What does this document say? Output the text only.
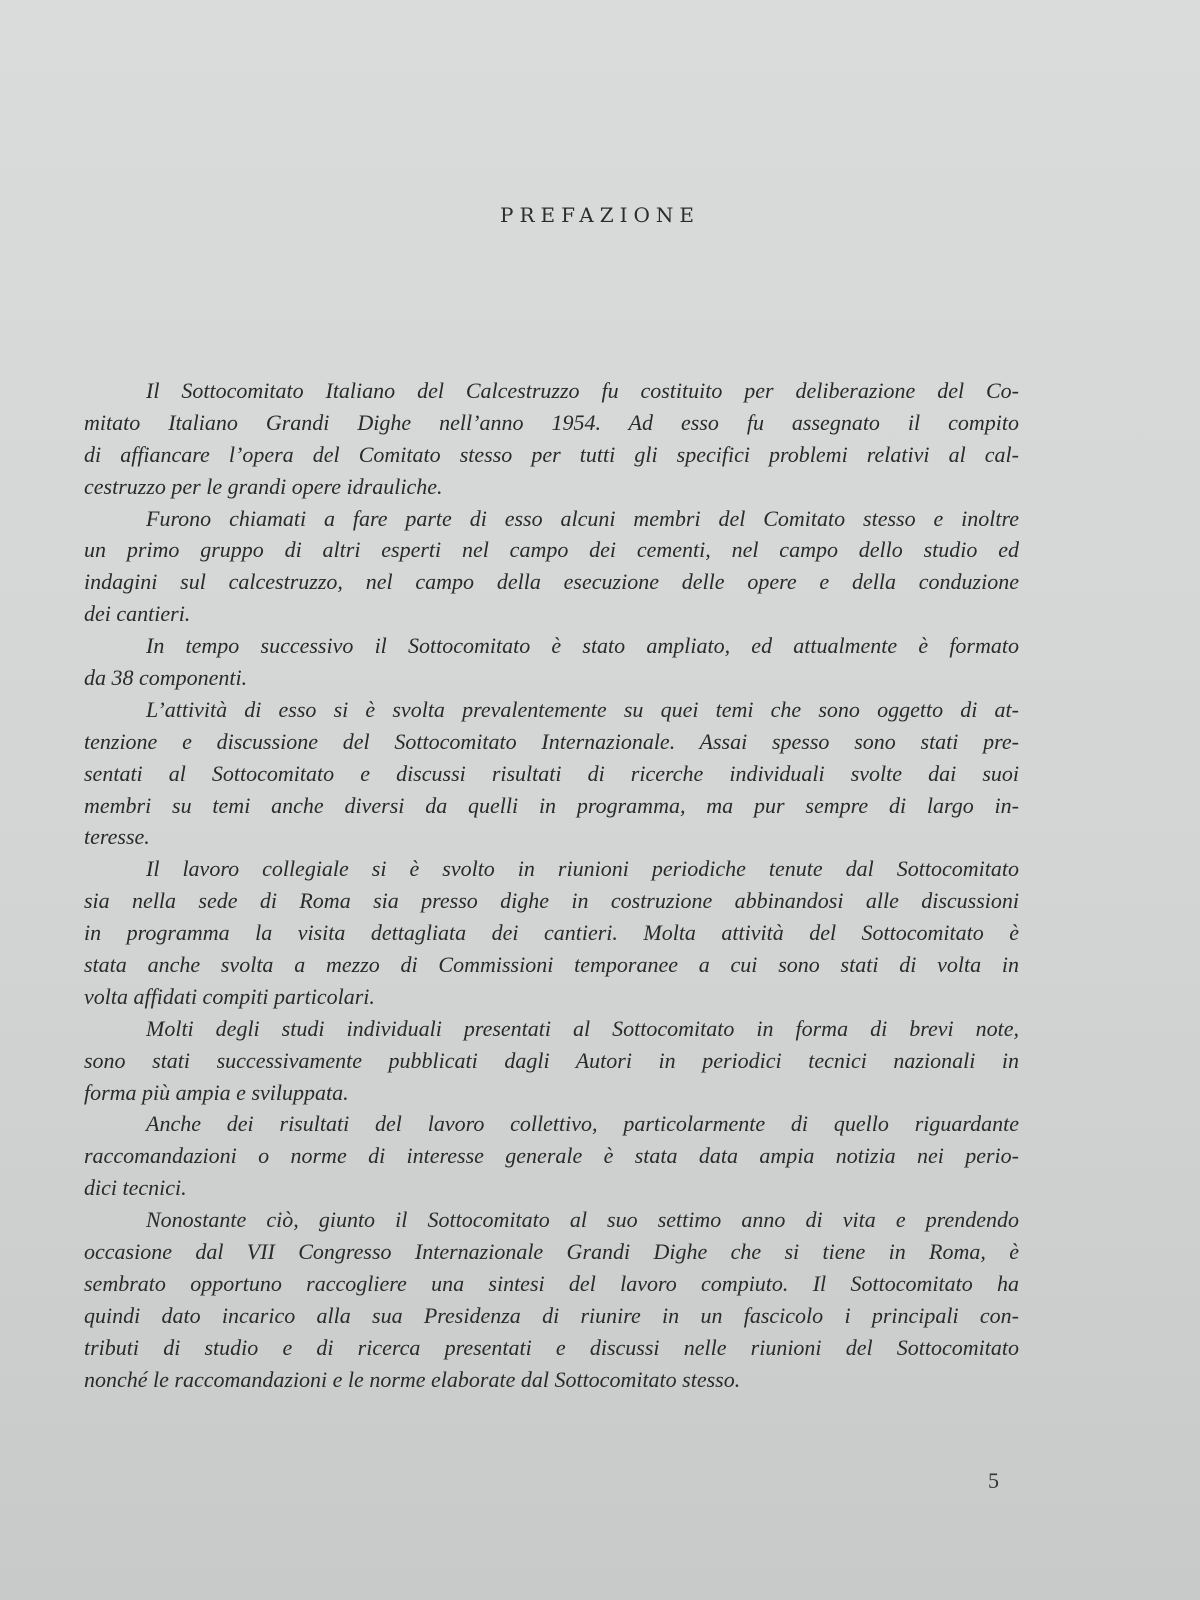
PREFAZIONE
Il Sottocomitato Italiano del Calcestruzzo fu costituito per deliberazione del Co-
mitato Italiano Grandi Dighe nell’anno 1954. Ad esso fu assegnato il compito
di affiancare l’opera del Comitato stesso per tutti gli specifici problemi relativi al cal-
cestruzzo per le grandi opere idrauliche.
Furono chiamati a fare parte di esso alcuni membri del Comitato stesso e inoltre
un primo gruppo di altri esperti nel campo dei cementi, nel campo dello studio ed
indagini sul calcestruzzo, nel campo della esecuzione delle opere e della conduzione
dei cantieri.
In tempo successivo il Sottocomitato è stato ampliato, ed attualmente è formato
da 38 componenti.
L’attività di esso si è svolta prevalentemente su quei temi che sono oggetto di at-
tenzione e discussione del Sottocomitato Internazionale. Assai spesso sono stati pre-
sentati al Sottocomitato e discussi risultati di ricerche individuali svolte dai suoi
membri su temi anche diversi da quelli in programma, ma pur sempre di largo in-
teresse.
Il lavoro collegiale si è svolto in riunioni periodiche tenute dal Sottocomitato
sia nella sede di Roma sia presso dighe in costruzione abbinandosi alle discussioni
in programma la visita dettagliata dei cantieri. Molta attività del Sottocomitato è
stata anche svolta a mezzo di Commissioni temporanee a cui sono stati di volta in
volta affidati compiti particolari.
Molti degli studi individuali presentati al Sottocomitato in forma di brevi note,
sono stati successivamente pubblicati dagli Autori in periodici tecnici nazionali in
forma più ampia e sviluppata.
Anche dei risultati del lavoro collettivo, particolarmente di quello riguardante
raccomandazioni o norme di interesse generale è stata data ampia notizia nei perio-
dici tecnici.
Nonostante ciò, giunto il Sottocomitato al suo settimo anno di vita e prendendo
occasione dal VII Congresso Internazionale Grandi Dighe che si tiene in Roma, è
sembrato opportuno raccogliere una sintesi del lavoro compiuto. Il Sottocomitato ha
quindi dato incarico alla sua Presidenza di riunire in un fascicolo i principali con-
tributi di studio e di ricerca presentati e discussi nelle riunioni del Sottocomitato
nonché le raccomandazioni e le norme elaborate dal Sottocomitato stesso.
5
